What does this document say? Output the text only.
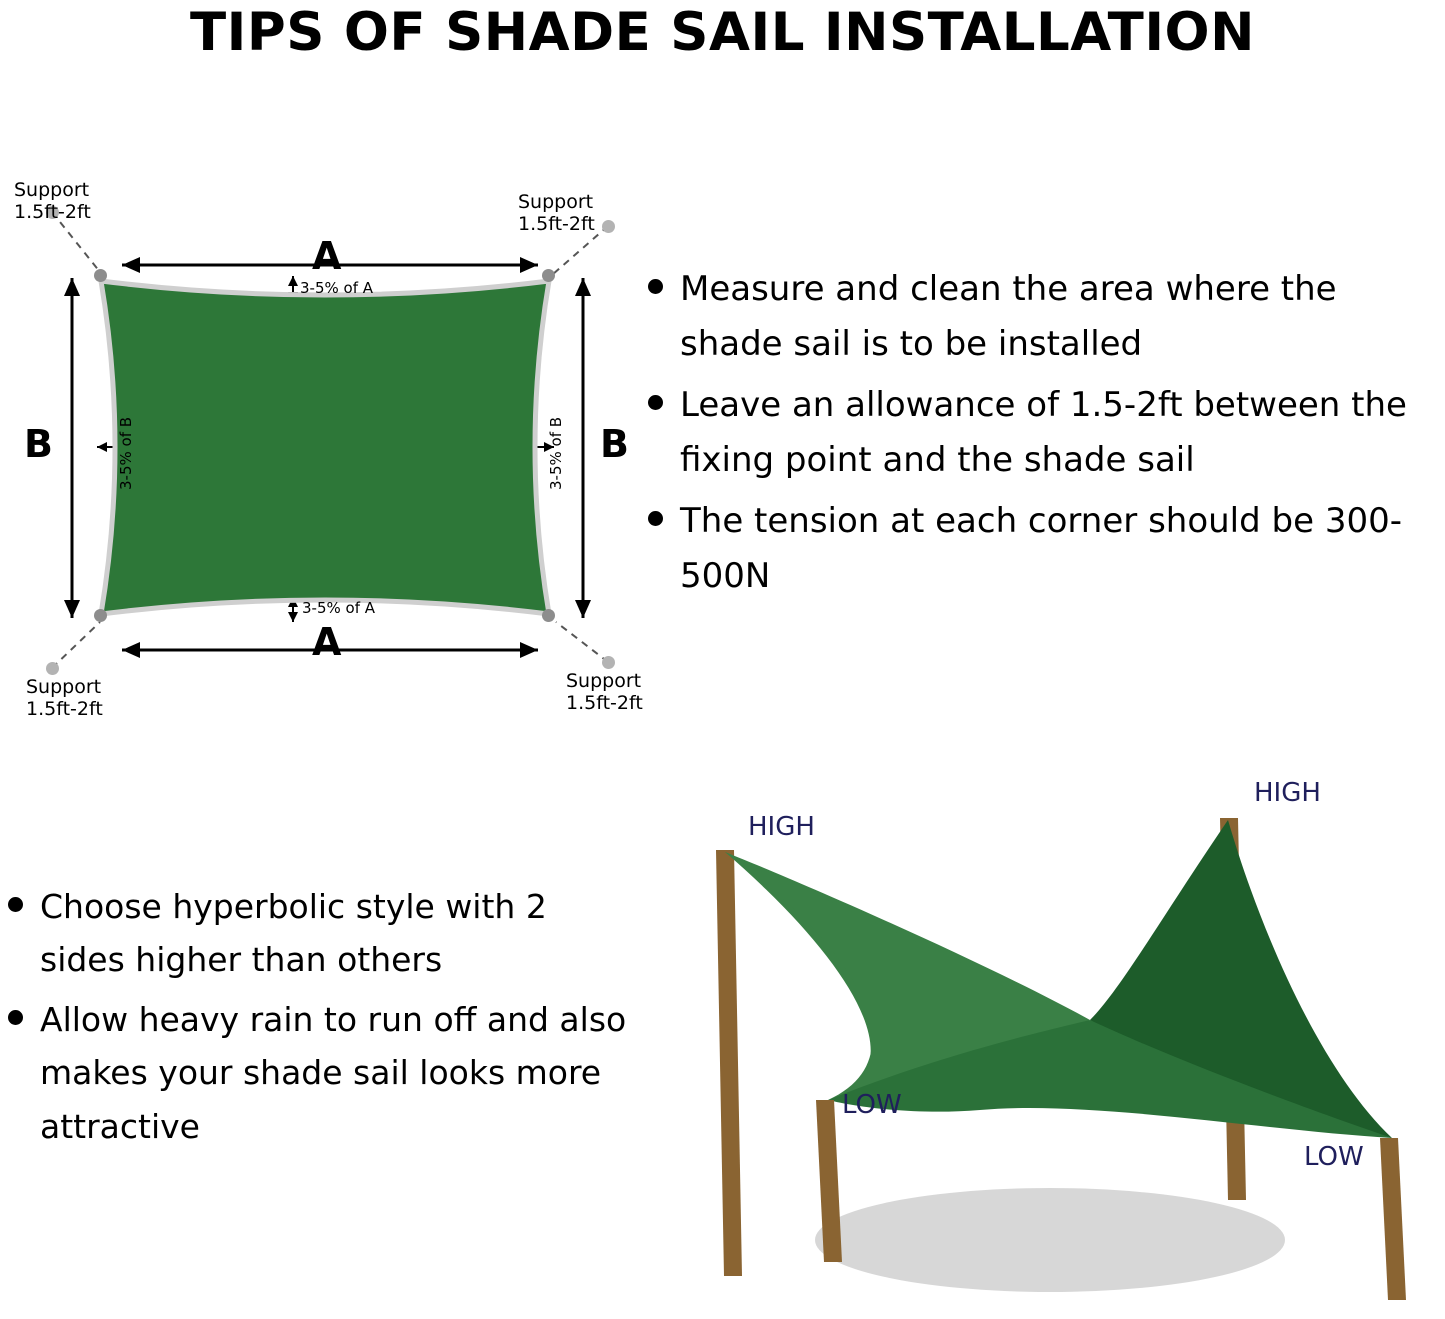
TIPS OF SHADE SAIL INSTALLATION
Support
1.5ft-2ft	Support
1.5ft-2ft
Support
1.5ft-2ft
Support
1.5ft-2ft
A
A
B	B
3-5% of A
3-5% of A
3-5% of B	3-5% of B
Measure and clean the area where the shade sail is to be installed
Leave an allowance of 1.5-2ft between the fixing point and the shade sail
The tension at each corner should be 300-500N
Choose hyperbolic style with 2 sides higher than others
Allow heavy rain to run off and also makes your shade sail looks more attractive
HIGH
HIGH
LOW
LOW
